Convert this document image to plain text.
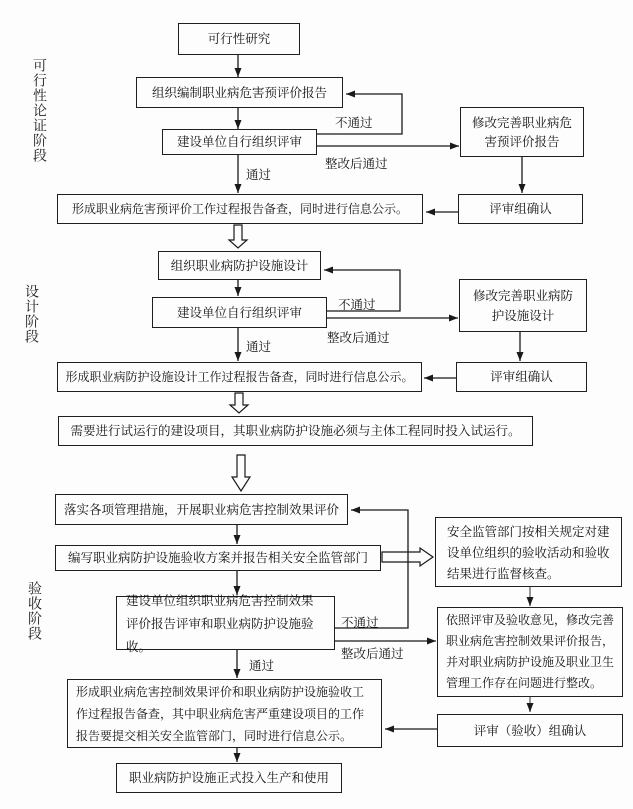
可行性论证阶段
设计阶段
验收阶段
可行性研究
组织编制职业病危害预评价报告
建设单位自行组织评审
修改完善职业病危害预评价报告
形成职业病危害预评价工作过程报告备查，同时进行信息公示。	评审组确认
不通过
整改后通过
通过
组织职业病防护设施设计
建设单位自行组织评审
修改完善职业病防护设施设计
形成职业病防护设施设计工作过程报告备查，同时进行信息公示。	评审组确认
需要进行试运行的建设项目，其职业病防护设施必须与主体工程同时投入试运行。
不通过
整改后通过
通过
落实各项管理措施，开展职业病危害控制效果评价
编写职业病防护设施验收方案并报告相关安全监管部门
安全监管部门按相关规定对建设单位组织的验收活动和验收结果进行监督核查。
建设单位组织职业病危害控制效果评价报告评审和职业病防护设施验收。
依照评审及验收意见，修改完善职业病危害控制效果评价报告，并对职业病防护设施及职业卫生管理工作存在问题进行整改。
形成职业病危害控制效果评价和职业病防护设施验收工作过程报告备查，其中职业病危害严重建设项目的工作报告要提交相关安全监管部门，同时进行信息公示。	评审（验收）组确认
职业病防护设施正式投入生产和使用
不通过
整改后通过
通过
